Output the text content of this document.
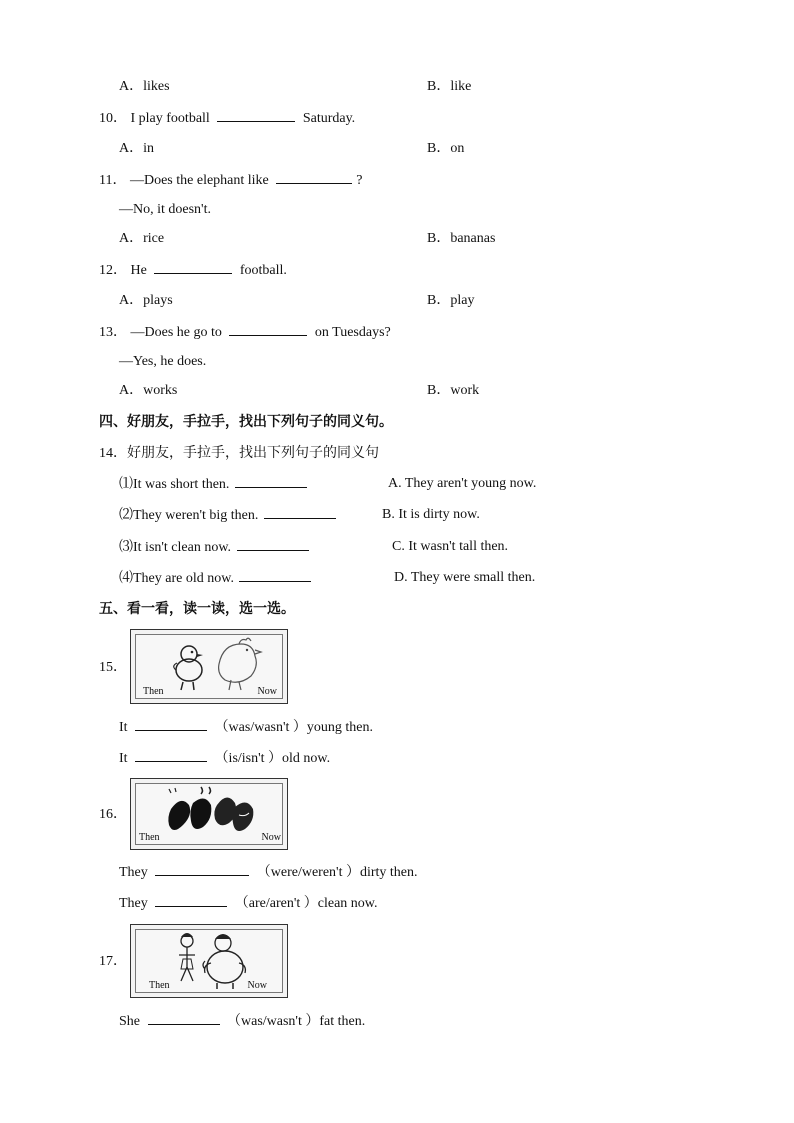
A．likes	B．like
10． I play football	Saturday.
A．in	B．on
11． —Does the elephant like	?
—No, it doesn't.
A．rice	B．bananas
12． He	football.
A．plays	B．play
13． —Does he go to	on Tuesdays?
—Yes, he does.
A．works	B．work
四、好朋友，手拉手，找出下列句子的同义句。
14．好朋友，手拉手，找出下列句子的同义句
⑴It was short then.	A. They aren't young now.
⑵They weren't big then.	B. It is dirty now.
⑶It isn't clean now.	C. It wasn't tall then.
⑷They are old now.	D. They were small then.
五、看一看，读一读，选一选。
15．
Then	Now
It	（was/wasn't ）young then.
It	（is/isn't ）old now.
16．
Then	Now
They	（were/weren't ）dirty then.
They	（are/aren't ）clean now.
17．
Then	Now
She	（was/wasn't ）fat then.
